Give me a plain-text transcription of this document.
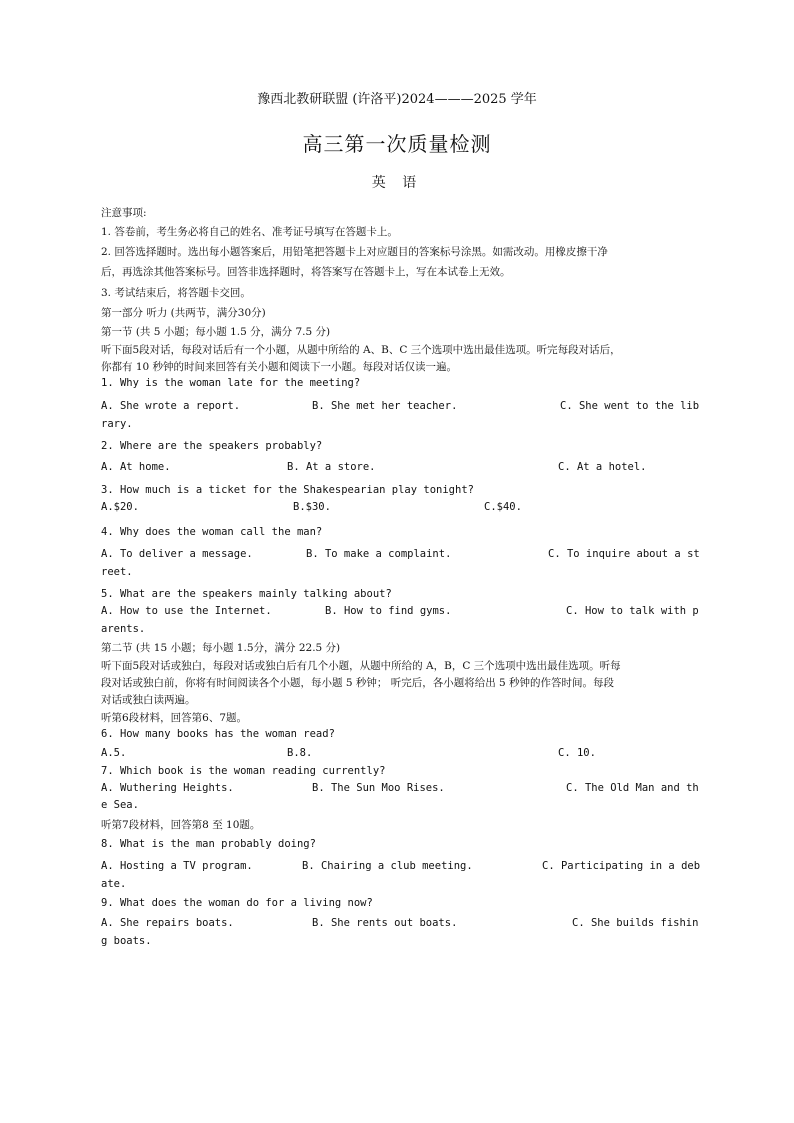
豫西北教研联盟 (许洛平)2024———2025 学年
高三第一次质量检测
英 语
注意事项:
1. 答卷前，考生务必将自己的姓名、准考证号填写在答题卡上。
2. 回答选择题时。选出每小题答案后，用铅笔把答题卡上对应题目的答案标号涂黑。如需改动。用橡皮擦干净
后，再选涂其他答案标号。回答非选择题时，将答案写在答题卡上，写在本试卷上无效。
3. 考试结束后，将答题卡交回。
第一部分 听力 (共两节，满分30分)
第一节 (共 5 小题；每小题 1.5 分，满分 7.5 分)
听下面5段对话，每段对话后有一个小题，从题中所给的 A、B、C 三个选项中选出最佳选项。听完每段对话后，
你都有 10 秒钟的时间来回答有关小题和阅读下一小题。每段对话仅读一遍。
1. Why is the woman late for the meeting?
A. She wrote a report.	B. She met her teacher.	C. She went to the lib
rary.
2. Where are the speakers probably?
A. At home.	B. At a store.	C. At a hotel.
3. How much is a ticket for the Shakespearian play tonight?
A.$20.	B.$30.	C.$40.
4. Why does the woman call the man?
A. To deliver a message.	B. To make a complaint.	C. To inquire about a st
reet.
5. What are the speakers mainly talking about?
A. How to use the Internet.	B. How to find gyms.	C. How to talk with p
arents.
第二节 (共 15 小题；每小题 1.5分，满分 22.5 分)
听下面5段对话或独白，每段对话或独白后有几个小题，从题中所给的 A，B，C 三个选项中选出最佳选项。听每
段对话或独白前，你将有时间阅读各个小题，每小题 5 秒钟； 听完后，各小题将给出 5 秒钟的作答时间。每段
对话或独白读两遍。
听第6段材料，回答第6、7题。
6. How many books has the woman read?
A.5.	B.8.	C. 10.
7. Which book is the woman reading currently?
A. Wuthering Heights.	B. The Sun Moo Rises.	C. The Old Man and th
e Sea.
听第7段材料，回答第8 至 10题。
8. What is the man probably doing?
A. Hosting a TV program.	B. Chairing a club meeting.	C. Participating in a deb
ate.
9. What does the woman do for a living now?
A. She repairs boats.	B. She rents out boats.	C. She builds fishin
g boats.
